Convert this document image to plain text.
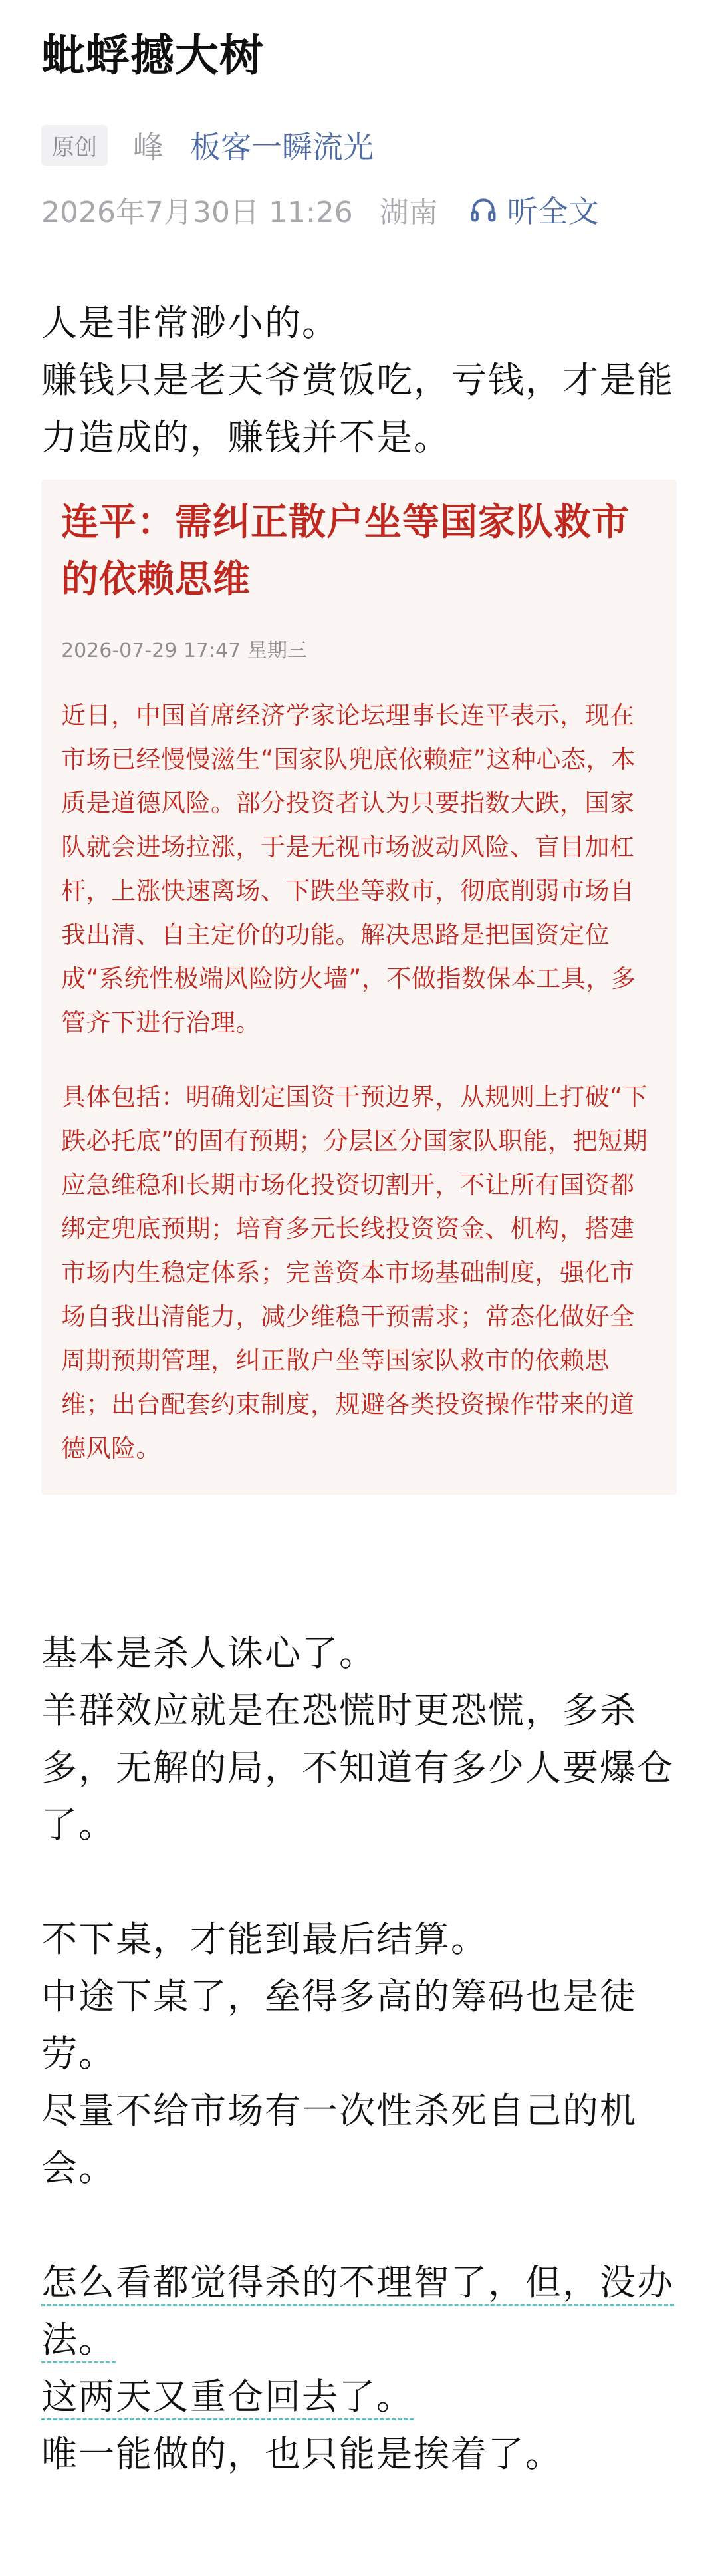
蚍蜉撼大树
原创	峰 板客一瞬流光
2026年7月30日 11:26 湖南 听全文
人是非常渺小的。
赚钱只是老天爷赏饭吃，亏钱，才是能力造成的，赚钱并不是。
连平：需纠正散户坐等国家队救市的依赖思维
2026-07-29 17:47 星期三
近日，中国首席经济学家论坛理事长连平表示，现在市场已经慢慢滋生“国家队兜底依赖症”这种心态，本质是道德风险。部分投资者认为只要指数大跌，国家队就会进场拉涨，于是无视市场波动风险、盲目加杠杆，上涨快速离场、下跌坐等救市，彻底削弱市场自我出清、自主定价的功能。解决思路是把国资定位成“系统性极端风险防火墙”，不做指数保本工具，多管齐下进行治理。
具体包括：明确划定国资干预边界，从规则上打破“下跌必托底”的固有预期；分层区分国家队职能，把短期应急维稳和长期市场化投资切割开，不让所有国资都绑定兜底预期；培育多元长线投资资金、机构，搭建市场内生稳定体系；完善资本市场基础制度，强化市场自我出清能力，减少维稳干预需求；常态化做好全周期预期管理，纠正散户坐等国家队救市的依赖思维；出台配套约束制度，规避各类投资操作带来的道德风险。
基本是杀人诛心了。
羊群效应就是在恐慌时更恐慌，多杀多，无解的局，不知道有多少人要爆仓了。
不下桌，才能到最后结算。
中途下桌了，垒得多高的筹码也是徒劳。
尽量不给市场有一次性杀死自己的机会。
怎么看都觉得杀的不理智了，但，没办法。
这两天又重仓回去了。
唯一能做的，也只能是挨着了。
